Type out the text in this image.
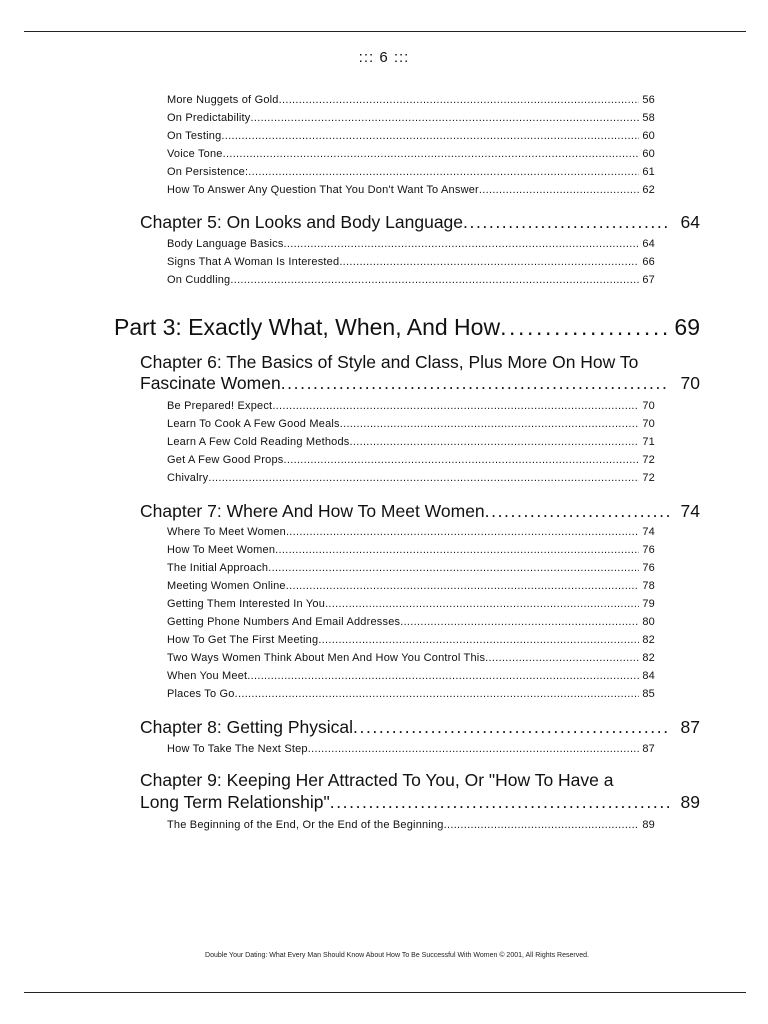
::: 6 :::
More Nuggets of Gold .....	56
On Predictability .....	58
On Testing .....	60
Voice Tone .....	60
On Persistence: .....	61
How To Answer Any Question That You Don't Want To Answer .....	62
Chapter 5: On Looks and Body Language .....	64
Body Language Basics .....	64
Signs That A Woman Is Interested .....	66
On Cuddling .....	67
Part 3: Exactly What, When, And How .....	69
Chapter 6: The Basics of Style and Class, Plus More On How To
Fascinate Women .....	70
Be Prepared! Expect .....	70
Learn To Cook A Few Good Meals .....	70
Learn A Few Cold Reading Methods .....	71
Get A Few Good Props .....	72
Chivalry .....	72
Chapter 7: Where And How To Meet Women .....	74
Where To Meet Women .....	74
How To Meet Women .....	76
The Initial Approach .....	76
Meeting Women Online .....	78
Getting Them Interested In You .....	79
Getting Phone Numbers And Email Addresses .....	80
How To Get The First Meeting .....	82
Two Ways Women Think About Men And How You Control This .....	82
When You Meet .....	84
Places To Go .....	85
Chapter 8: Getting Physical .....	87
How To Take The Next Step .....	87
Chapter 9: Keeping Her Attracted To You, Or "How To Have a
Long Term Relationship" .....	89
The Beginning of the End, Or the End of the Beginning .....	89
Double Your Dating: What Every Man Should Know About How To Be Successful With Women © 2001, All Rights Reserved.
